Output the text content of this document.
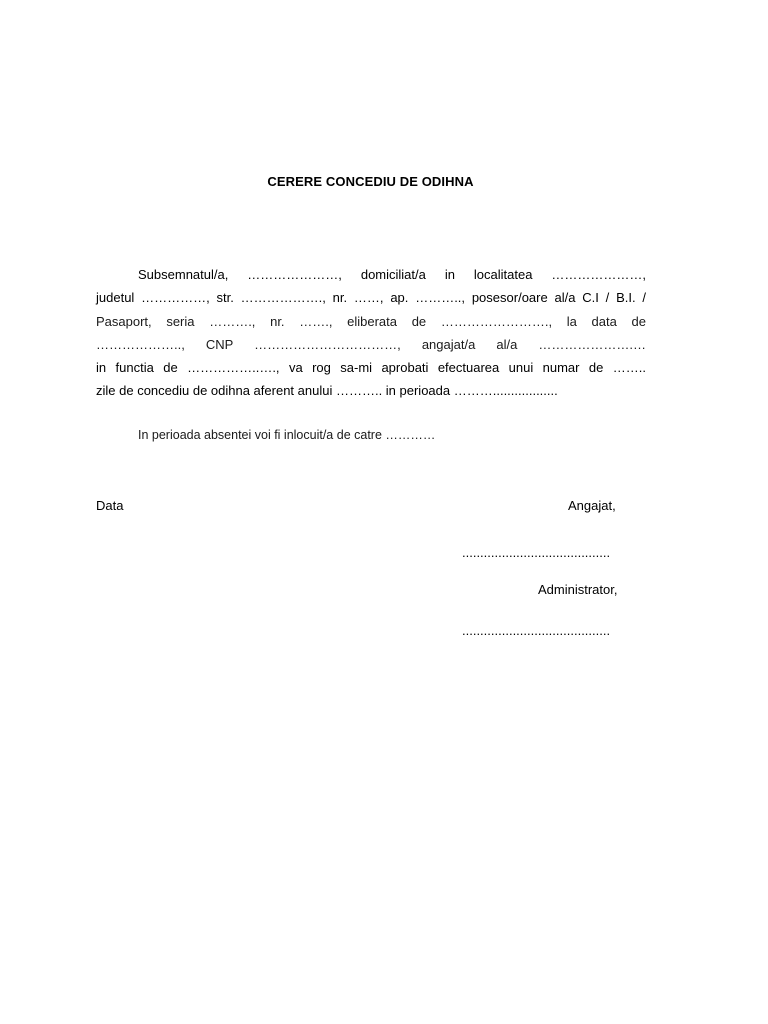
CERERE CONCEDIU DE ODIHNA
Subsemnatul/a, …………………, domiciliat/a in localitatea …………………,
judetul ……………, str. ………………., nr. ……, ap. ……….., posesor/oare al/a C.I / B.I. /
Pasaport, seria ………., nr. ……., eliberata de ……………………., la data de
……………….., CNP ……………………………, angajat/a al/a ………………….…
in functia de ……………..…., va rog sa-mi aprobati efectuarea unui numar de ……..
zile de concediu de odihna aferent anului ……….. in perioada ………..................
In perioada absentei voi fi inlocuit/a de catre …………
Data	Angajat,
.........................................
Administrator,
.........................................
